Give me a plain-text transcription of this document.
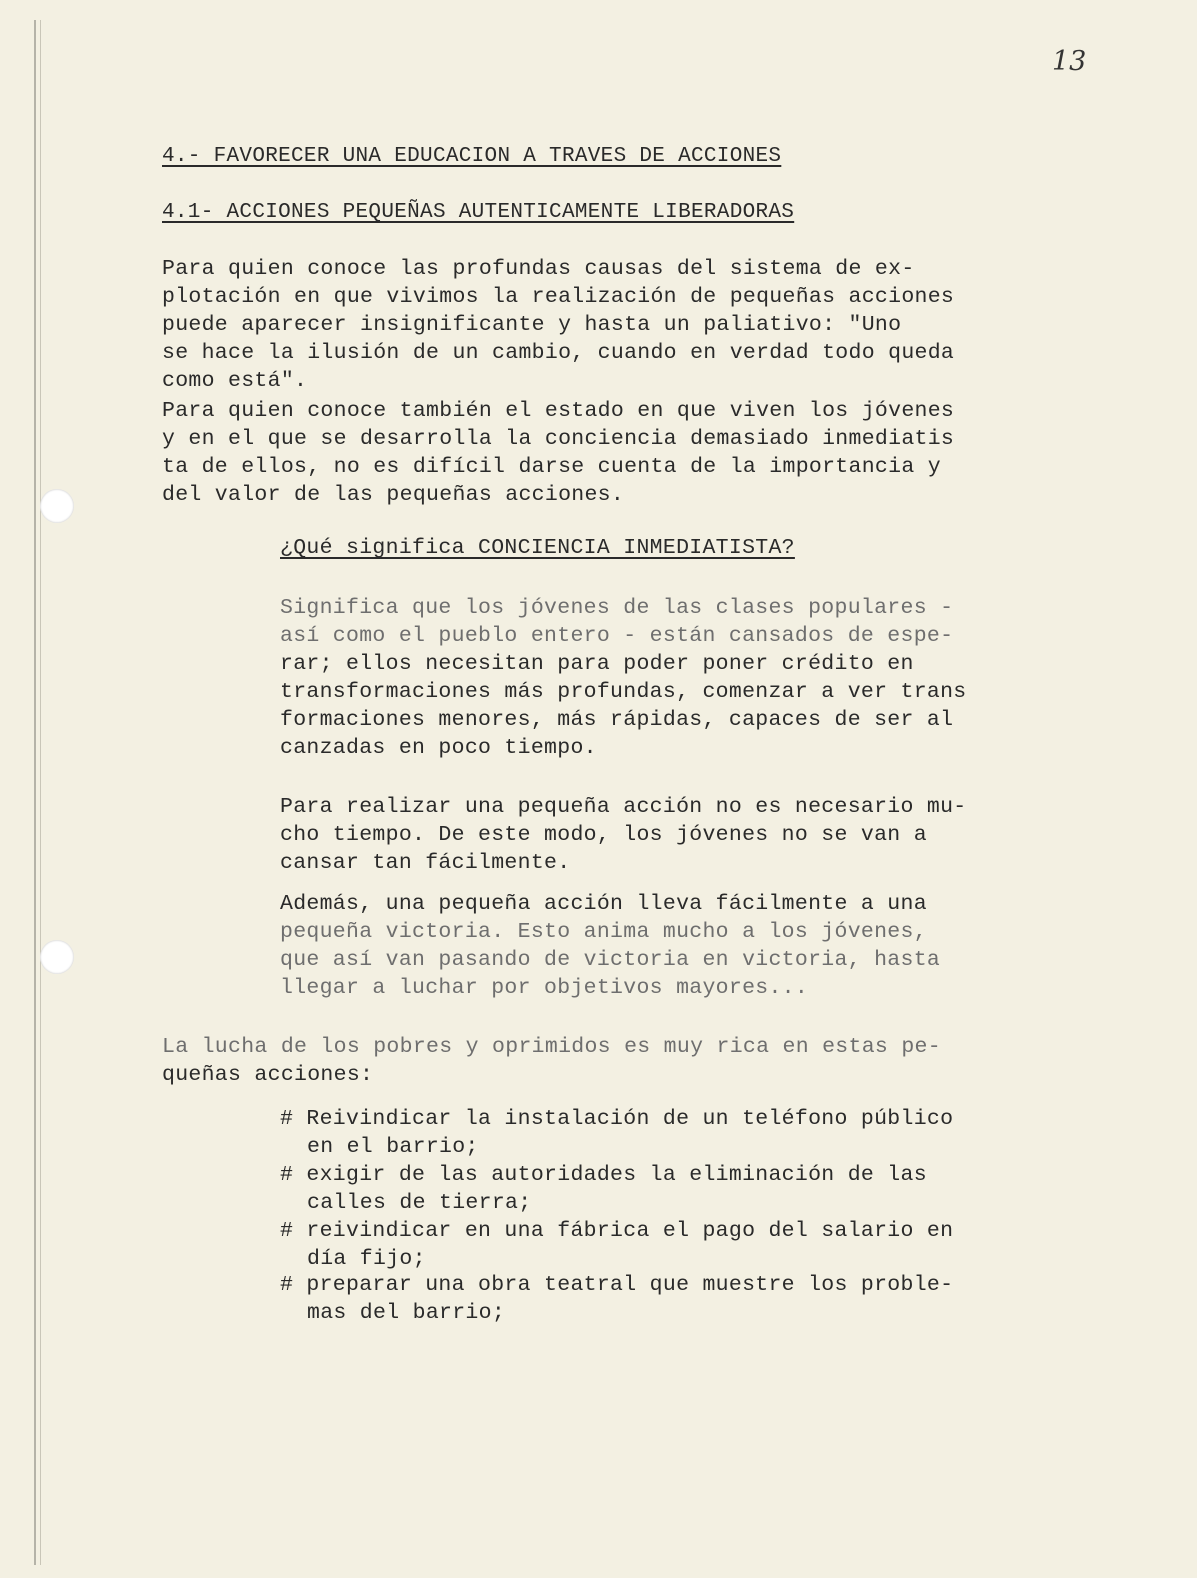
13
4.- FAVORECER UNA EDUCACION A TRAVES DE ACCIONES
4.1- ACCIONES PEQUEÑAS AUTENTICAMENTE LIBERADORAS
Para quien conoce las profundas causas del sistema de ex-
plotación en que vivimos la realización de pequeñas acciones
puede aparecer insignificante y hasta un paliativo: "Uno
se hace la ilusión de un cambio, cuando en verdad todo queda
como está".
Para quien conoce también el estado en que viven los jóvenes
y en el que se desarrolla la conciencia demasiado inmediatis
ta de ellos, no es difícil darse cuenta de la importancia y
del valor de las pequeñas acciones.
¿Qué significa CONCIENCIA INMEDIATISTA?
Significa que los jóvenes de las clases populares -
así como el pueblo entero - están cansados de espe-
rar; ellos necesitan para poder poner crédito en
transformaciones más profundas, comenzar a ver trans
formaciones menores, más rápidas, capaces de ser al
canzadas en poco tiempo.
Para realizar una pequeña acción no es necesario mu-
cho tiempo. De este modo, los jóvenes no se van a
cansar tan fácilmente.
Además, una pequeña acción lleva fácilmente a una
pequeña victoria. Esto anima mucho a los jóvenes,
que así van pasando de victoria en victoria, hasta
llegar a luchar por objetivos mayores...
La lucha de los pobres y oprimidos es muy rica en estas pe-
queñas acciones:
# Reivindicar la instalación de un teléfono público
en el barrio;
# exigir de las autoridades la eliminación de las
calles de tierra;
# reivindicar en una fábrica el pago del salario en
día fijo;
# preparar una obra teatral que muestre los proble-
mas del barrio;
